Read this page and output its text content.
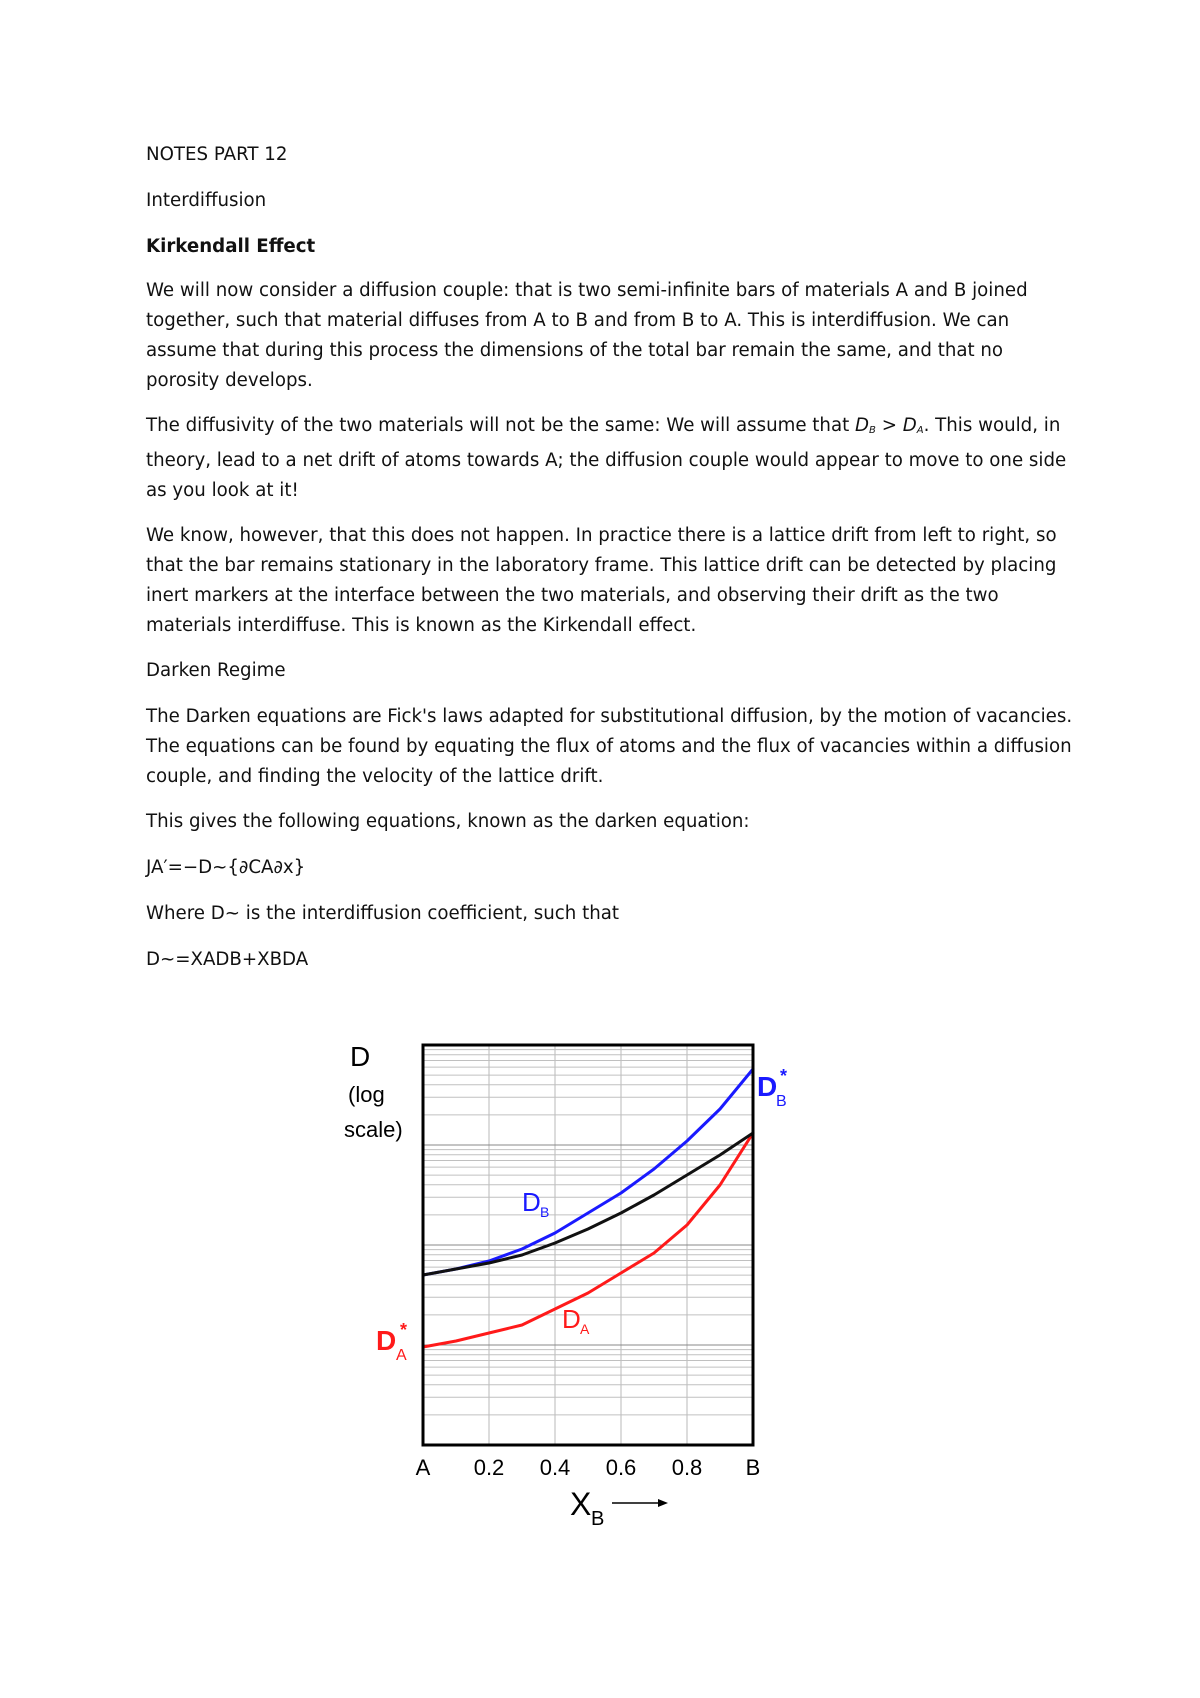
NOTES PART 12

Interdiffusion

Kirkendall Effect

We will now consider a diffusion couple: that is two semi-infinite bars of materials A and B joined together, such that material diffuses from A to B and from B to A. This is interdiffusion. We can assume that during this process the dimensions of the total bar remain the same, and that no porosity develops.

The diffusivity of the two materials will not be the same: We will assume that $D_B > D_A$. This would, in theory, lead to a net drift of atoms towards A; the diffusion couple would appear to move to one side as you look at it!

We know, however, that this does not happen. In practice there is a lattice drift from left to right, so that the bar remains stationary in the laboratory frame. This lattice drift can be detected by placing inert markers at the interface between the two materials, and observing their drift as the two materials interdiffuse. This is known as the Kirkendall effect.

Darken Regime

The Darken equations are Fick's laws adapted for substitutional diffusion, by the motion of vacancies. The equations can be found by equating the flux of atoms and the flux of vacancies within a diffusion couple, and finding the velocity of the lattice drift.

This gives the following equations, known as the darken equation:

JA′=−D~{∂CA∂x}

Where D~ is the interdiffusion coefficient, such that

D~=XADB+XBDA

A 0.2 0.4 0.6 0.8 B
D
(log
scale)
X B
D B
D A
D
B
*
D A
*
